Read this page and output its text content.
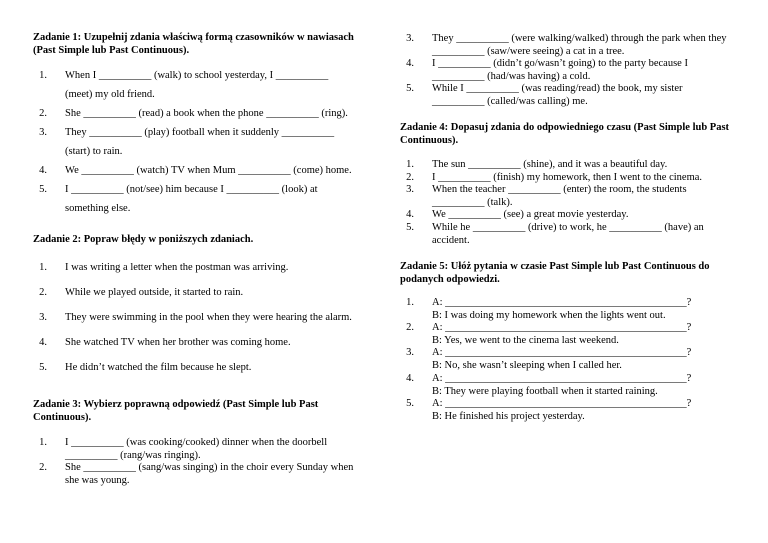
Zadanie 1: Uzupełnij zdania właściwą formą czasowników w nawiasach (Past Simple lub Past Continuous).

1. When I __________ (walk) to school yesterday, I __________ (meet) my old friend.
2. She __________ (read) a book when the phone __________ (ring).
3. They __________ (play) football when it suddenly __________ (start) to rain.
4. We __________ (watch) TV when Mum __________ (come) home.
5. I __________ (not/see) him because I __________ (look) at something else.

Zadanie 2: Popraw błędy w poniższych zdaniach.

1. I was writing a letter when the postman was arriving.
2. While we played outside, it started to rain.
3. They were swimming in the pool when they were hearing the alarm.
4. She watched TV when her brother was coming home.
5. He didn’t watched the film because he slept.

Zadanie 3: Wybierz poprawną odpowiedź (Past Simple lub Past Continuous).

1. I __________ (was cooking/cooked) dinner when the doorbell __________ (rang/was ringing).
2. She __________ (sang/was singing) in the choir every Sunday when she was young.
3. They __________ (were walking/walked) through the park when they __________ (saw/were seeing) a cat in a tree.
4. I __________ (didn’t go/wasn’t going) to the party because I __________ (had/was having) a cold.
5. While I __________ (was reading/read) the book, my sister __________ (called/was calling) me.

Zadanie 4: Dopasuj zdania do odpowiedniego czasu (Past Simple lub Past Continuous).

1. The sun __________ (shine), and it was a beautiful day.
2. I __________ (finish) my homework, then I went to the cinema.
3. When the teacher __________ (enter) the room, the students __________ (talk).
4. We __________ (see) a great movie yesterday.
5. While he __________ (drive) to work, he __________ (have) an accident.

Zadanie 5: Ułóż pytania w czasie Past Simple lub Past Continuous do podanych odpowiedzi.

1. A: ______________________________________________?
B: I was doing my homework when the lights went out.
2. A: ______________________________________________?
B: Yes, we went to the cinema last weekend.
3. A: ______________________________________________?
B: No, she wasn’t sleeping when I called her.
4. A: ______________________________________________?
B: They were playing football when it started raining.
5. A: ______________________________________________?
B: He finished his project yesterday.
